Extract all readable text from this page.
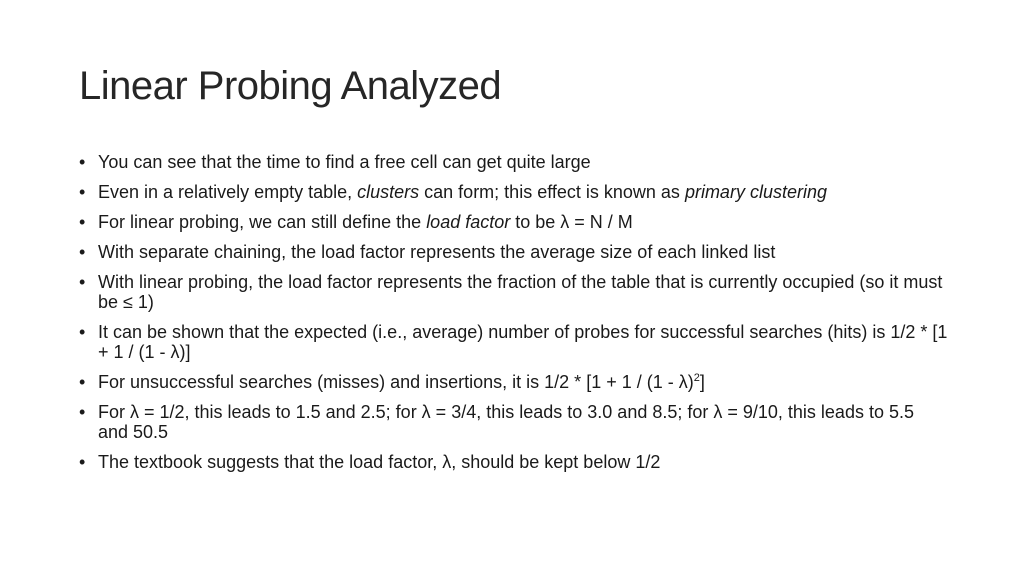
Linear Probing Analyzed
• You can see that the time to find a free cell can get quite large
• Even in a relatively empty table, clusters can form; this effect is known as primary clustering
• For linear probing, we can still define the load factor to be λ = N / M
• With separate chaining, the load factor represents the average size of each linked list
• With linear probing, the load factor represents the fraction of the table that is currently occupied (so it must be ≤ 1)
• It can be shown that the expected (i.e., average) number of probes for successful searches (hits) is 1/2 * [1 + 1 / (1 - λ)]
• For unsuccessful searches (misses) and insertions, it is 1/2 * [1 + 1 / (1 - λ)$^2$]
• For λ = 1/2, this leads to 1.5 and 2.5; for λ = 3/4, this leads to 3.0 and 8.5; for λ = 9/10, this leads to 5.5 and 50.5
• The textbook suggests that the load factor, λ, should be kept below 1/2
